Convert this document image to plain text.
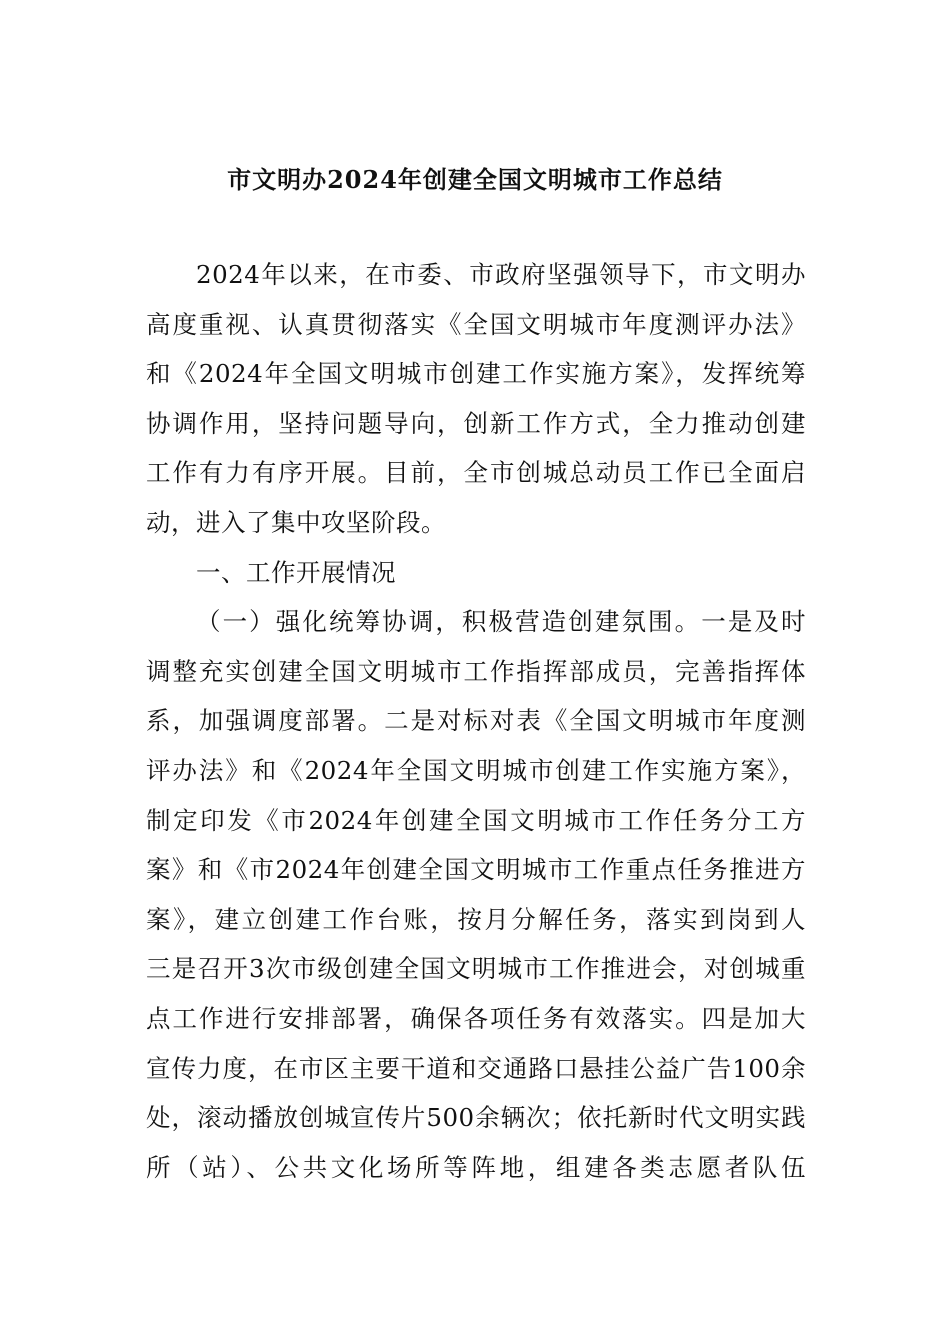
市文明办2024年创建全国文明城市工作总结
2024年以来，在市委、市政府坚强领导下，市文明办
高度重视、认真贯彻落实《全国文明城市年度测评办法》
和《2024年全国文明城市创建工作实施方案》，发挥统筹
协调作用，坚持问题导向，创新工作方式，全力推动创建
工作有力有序开展。目前，全市创城总动员工作已全面启
动，进入了集中攻坚阶段。
一、工作开展情况
（一）强化统筹协调，积极营造创建氛围。一是及时
调整充实创建全国文明城市工作指挥部成员，完善指挥体
系，加强调度部署。二是对标对表《全国文明城市年度测
评办法》和《2024年全国文明城市创建工作实施方案》，
制定印发《市2024年创建全国文明城市工作任务分工方
案》和《市2024年创建全国文明城市工作重点任务推进方
案》，建立创建工作台账，按月分解任务，落实到岗到人
三是召开3次市级创建全国文明城市工作推进会，对创城重
点工作进行安排部署，确保各项任务有效落实。四是加大
宣传力度，在市区主要干道和交通路口悬挂公益广告100余
处，滚动播放创城宣传片500余辆次；依托新时代文明实践
所（站）、公共文化场所等阵地，组建各类志愿者队伍
